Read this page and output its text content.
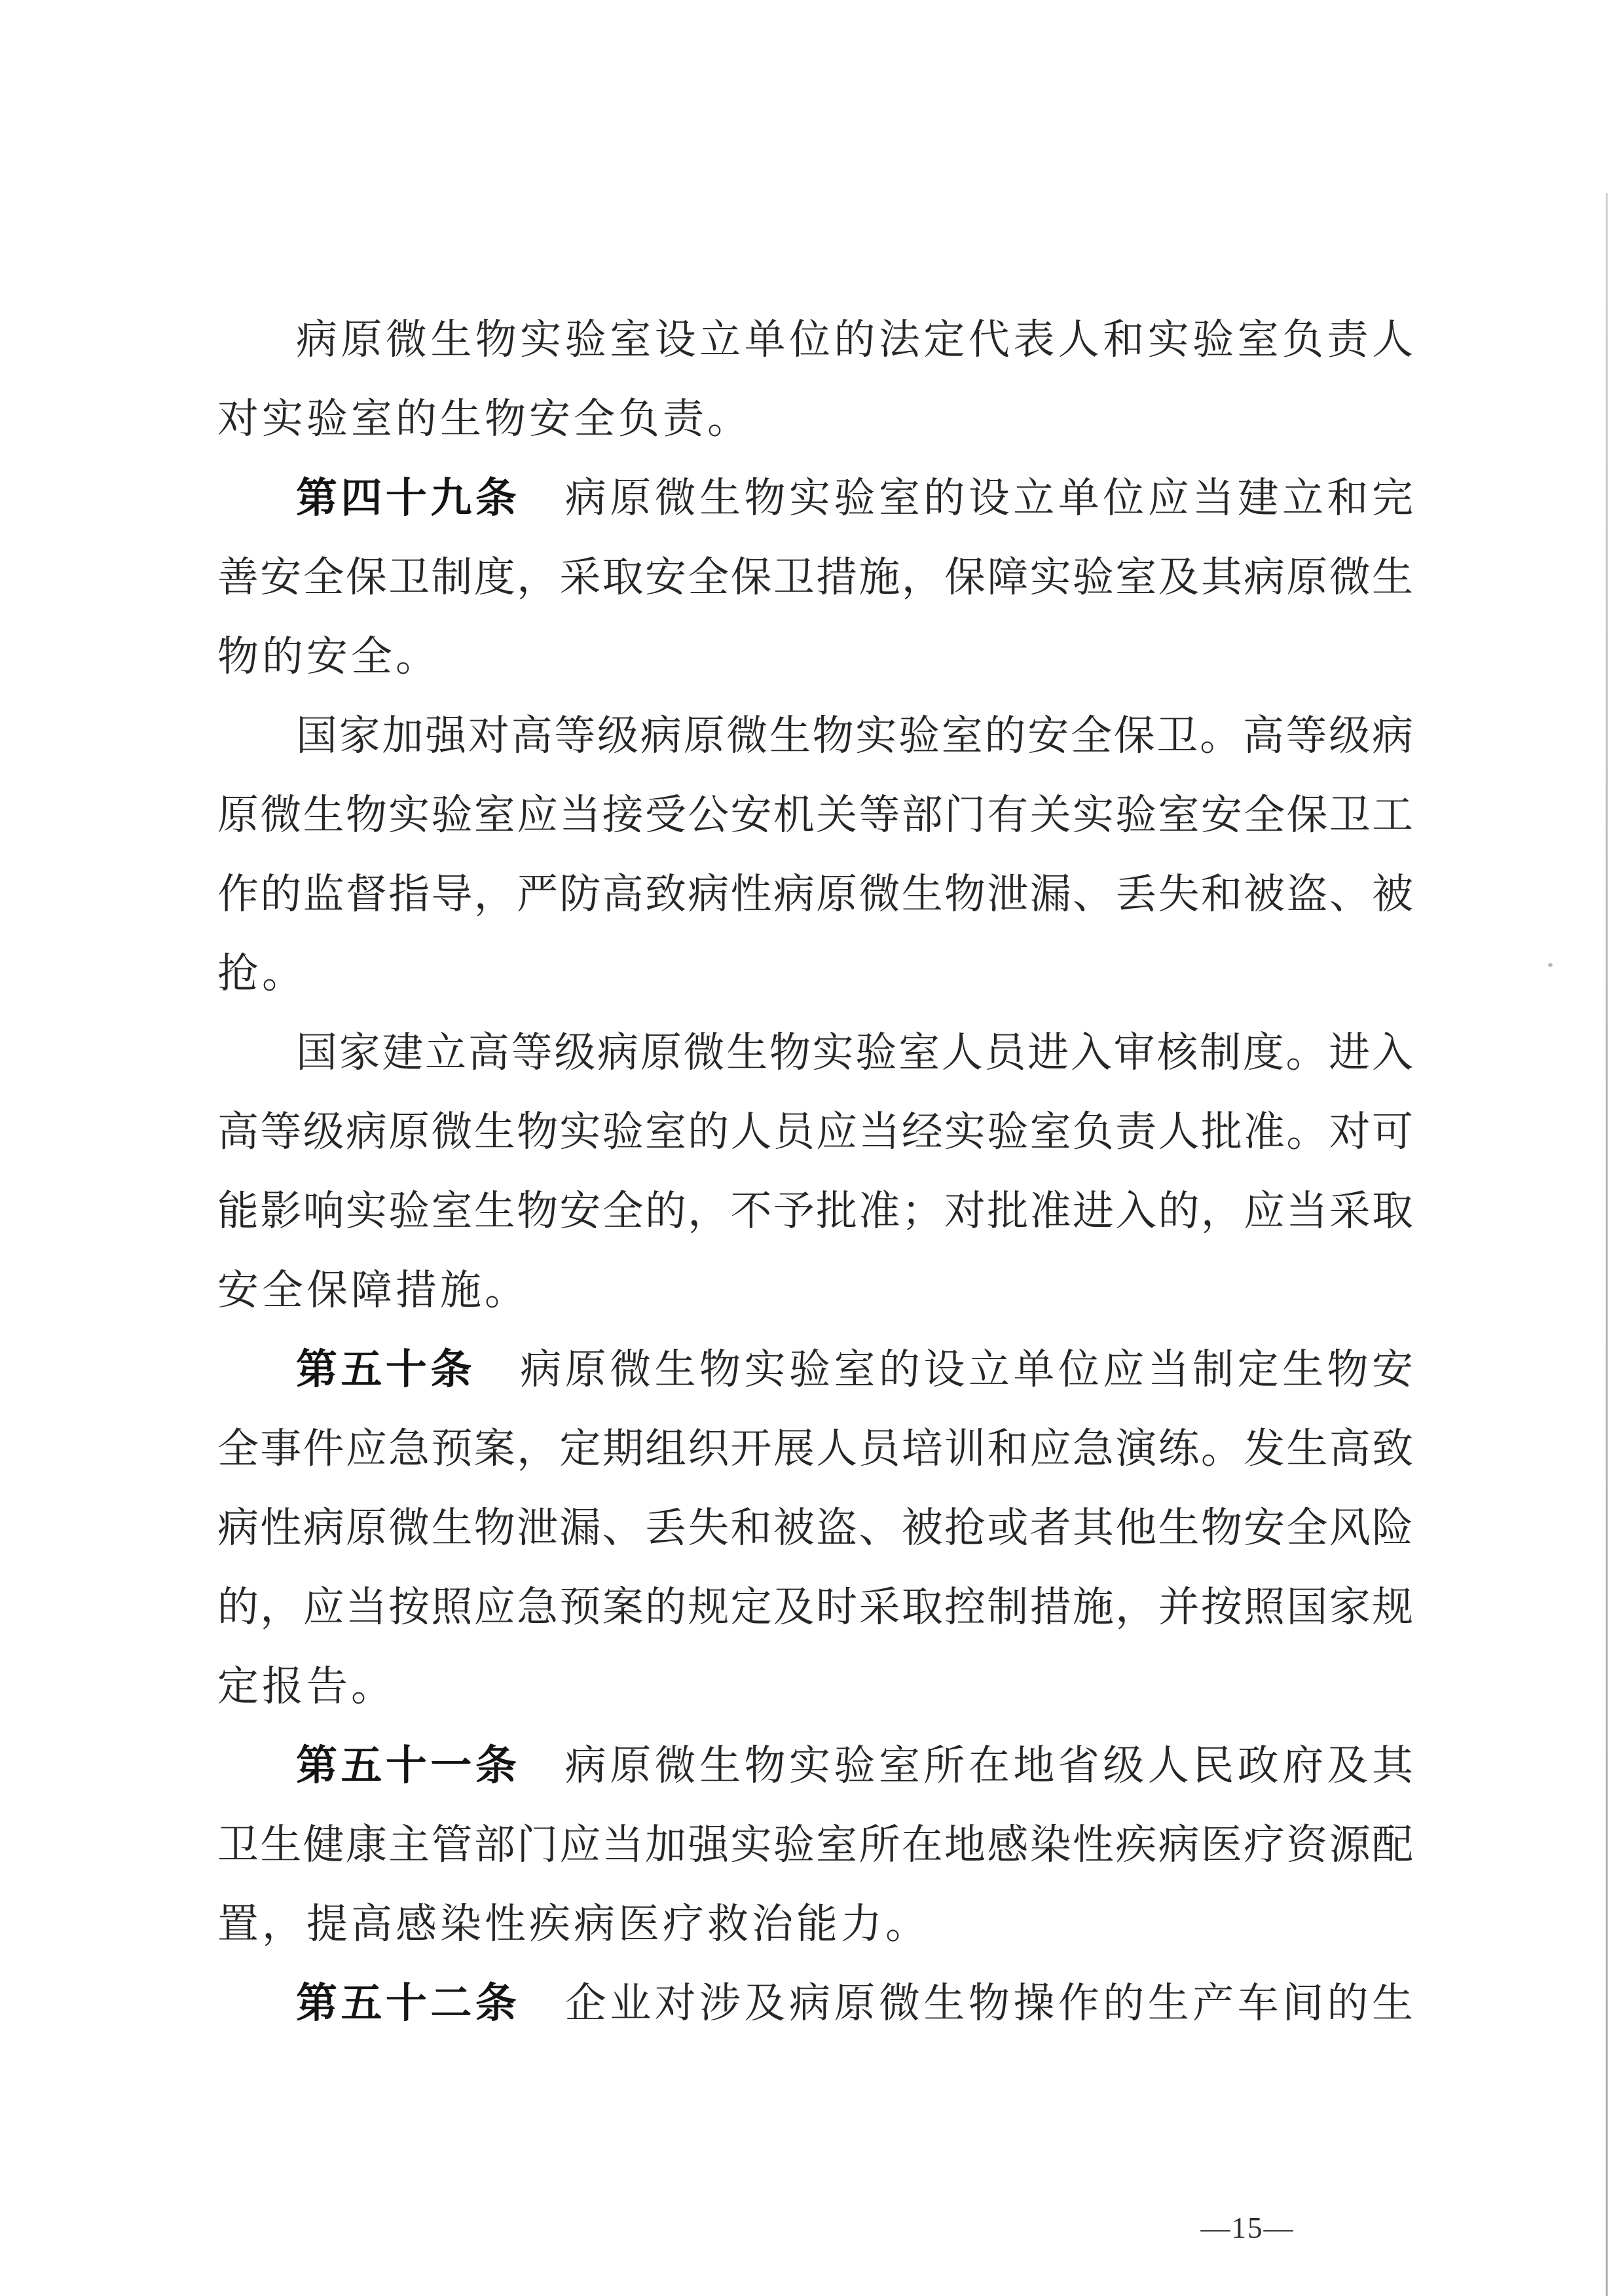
病原微生物实验室设立单位的法定代表人和实验室负责人
对实验室的生物安全负责。
第四十九条　病原微生物实验室的设立单位应当建立和完
善安全保卫制度，采取安全保卫措施，保障实验室及其病原微生
物的安全。
国家加强对高等级病原微生物实验室的安全保卫。高等级病
原微生物实验室应当接受公安机关等部门有关实验室安全保卫工
作的监督指导，严防高致病性病原微生物泄漏、丢失和被盗、被
抢。
国家建立高等级病原微生物实验室人员进入审核制度。进入
高等级病原微生物实验室的人员应当经实验室负责人批准。对可
能影响实验室生物安全的，不予批准；对批准进入的，应当采取
安全保障措施。
第五十条　病原微生物实验室的设立单位应当制定生物安
全事件应急预案，定期组织开展人员培训和应急演练。发生高致
病性病原微生物泄漏、丢失和被盗、被抢或者其他生物安全风险
的，应当按照应急预案的规定及时采取控制措施，并按照国家规
定报告。
第五十一条　病原微生物实验室所在地省级人民政府及其
卫生健康主管部门应当加强实验室所在地感染性疾病医疗资源配
置，提高感染性疾病医疗救治能力。
第五十二条　企业对涉及病原微生物操作的生产车间的生
—15—
